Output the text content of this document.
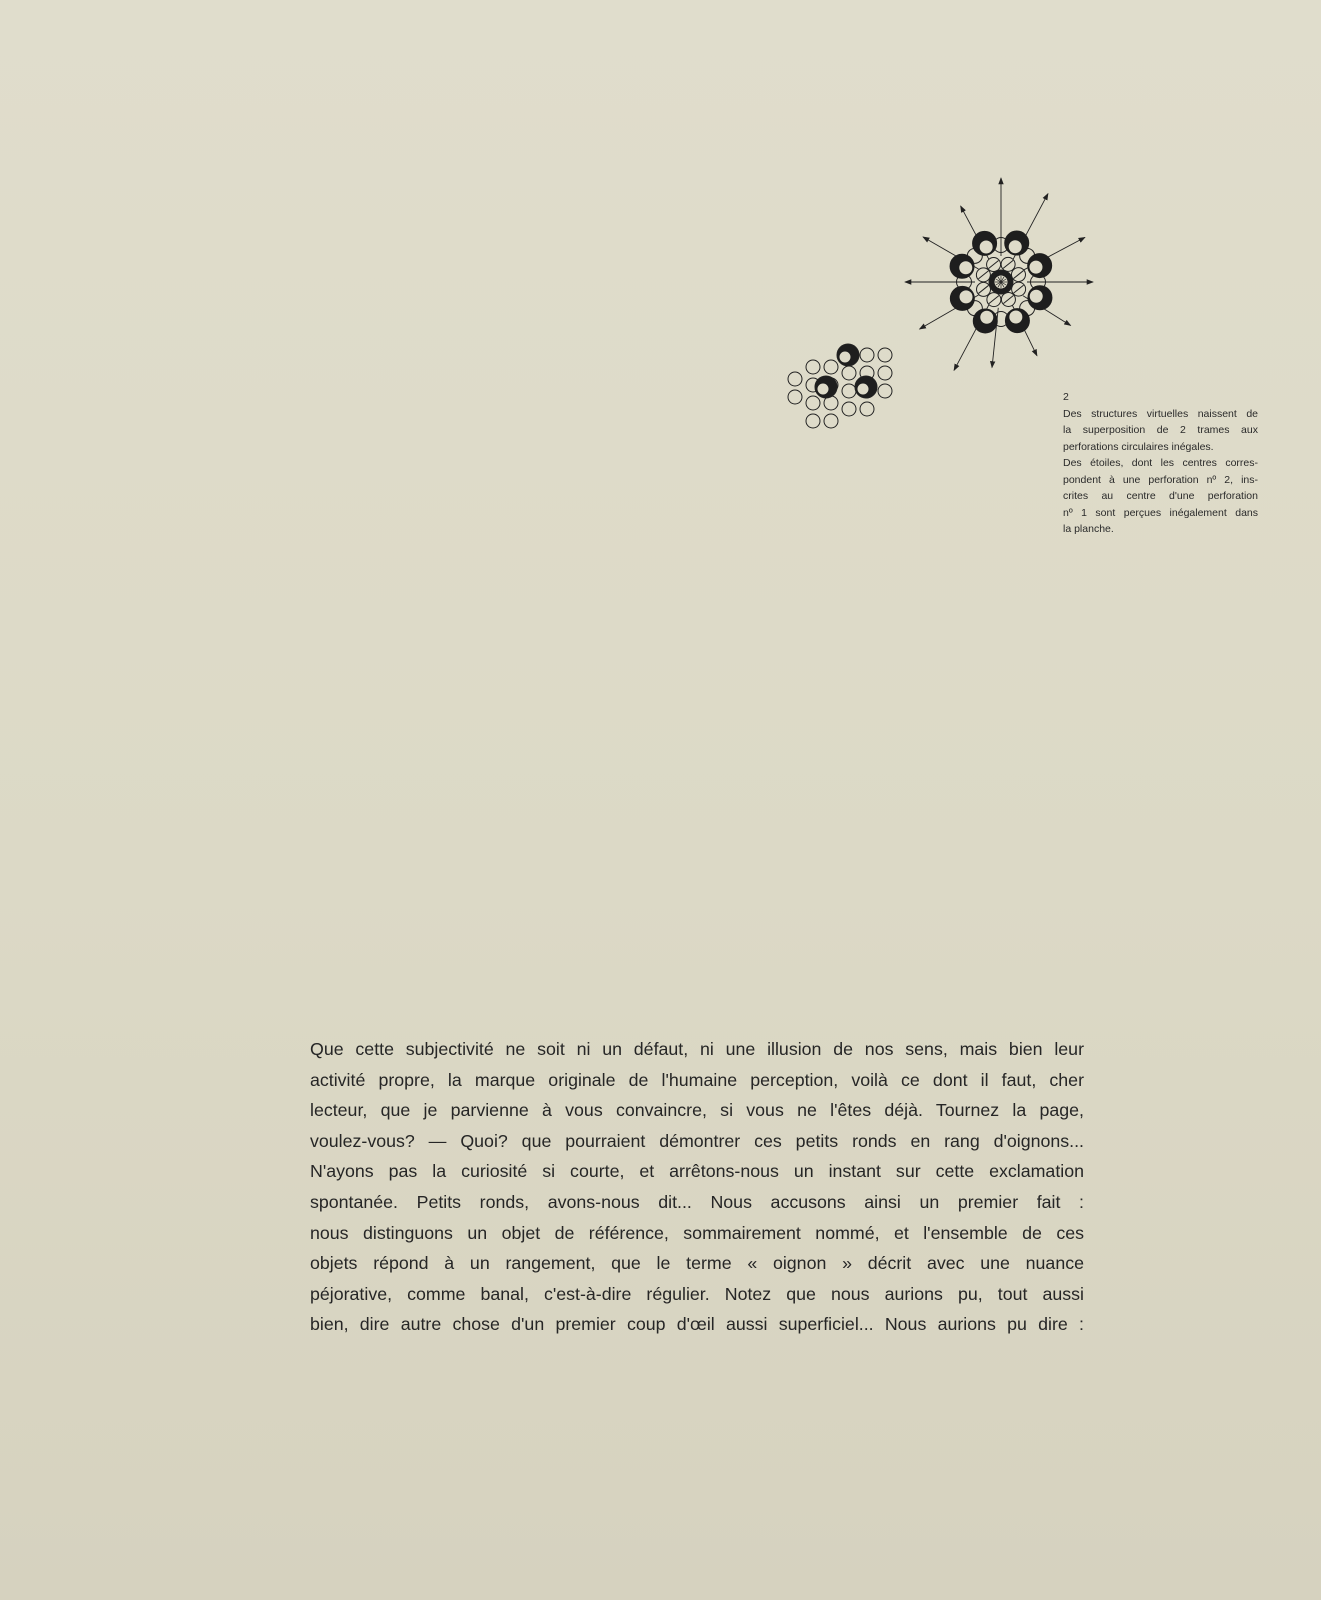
2
Des structures virtuelles naissent de
la superposition de 2 trames aux
perforations circulaires inégales.
Des étoiles, dont les centres corres-
pondent à une perforation nº 2, ins-
crites au centre d'une perforation
nº 1 sont perçues inégalement dans
la planche.
Que cette subjectivité ne soit ni un défaut, ni une illusion de nos sens, mais bien leur
activité propre, la marque originale de l'humaine perception, voilà ce dont il faut, cher
lecteur, que je parvienne à vous convaincre, si vous ne l'êtes déjà. Tournez la page,
voulez-vous? — Quoi? que pourraient démontrer ces petits ronds en rang d'oignons...
N'ayons pas la curiosité si courte, et arrêtons-nous un instant sur cette exclamation
spontanée. Petits ronds, avons-nous dit... Nous accusons ainsi un premier fait :
nous distinguons un objet de référence, sommairement nommé, et l'ensemble de ces
objets répond à un rangement, que le terme « oignon » décrit avec une nuance
péjorative, comme banal, c'est-à-dire régulier. Notez que nous aurions pu, tout aussi
bien, dire autre chose d'un premier coup d'œil aussi superficiel... Nous aurions pu dire :
